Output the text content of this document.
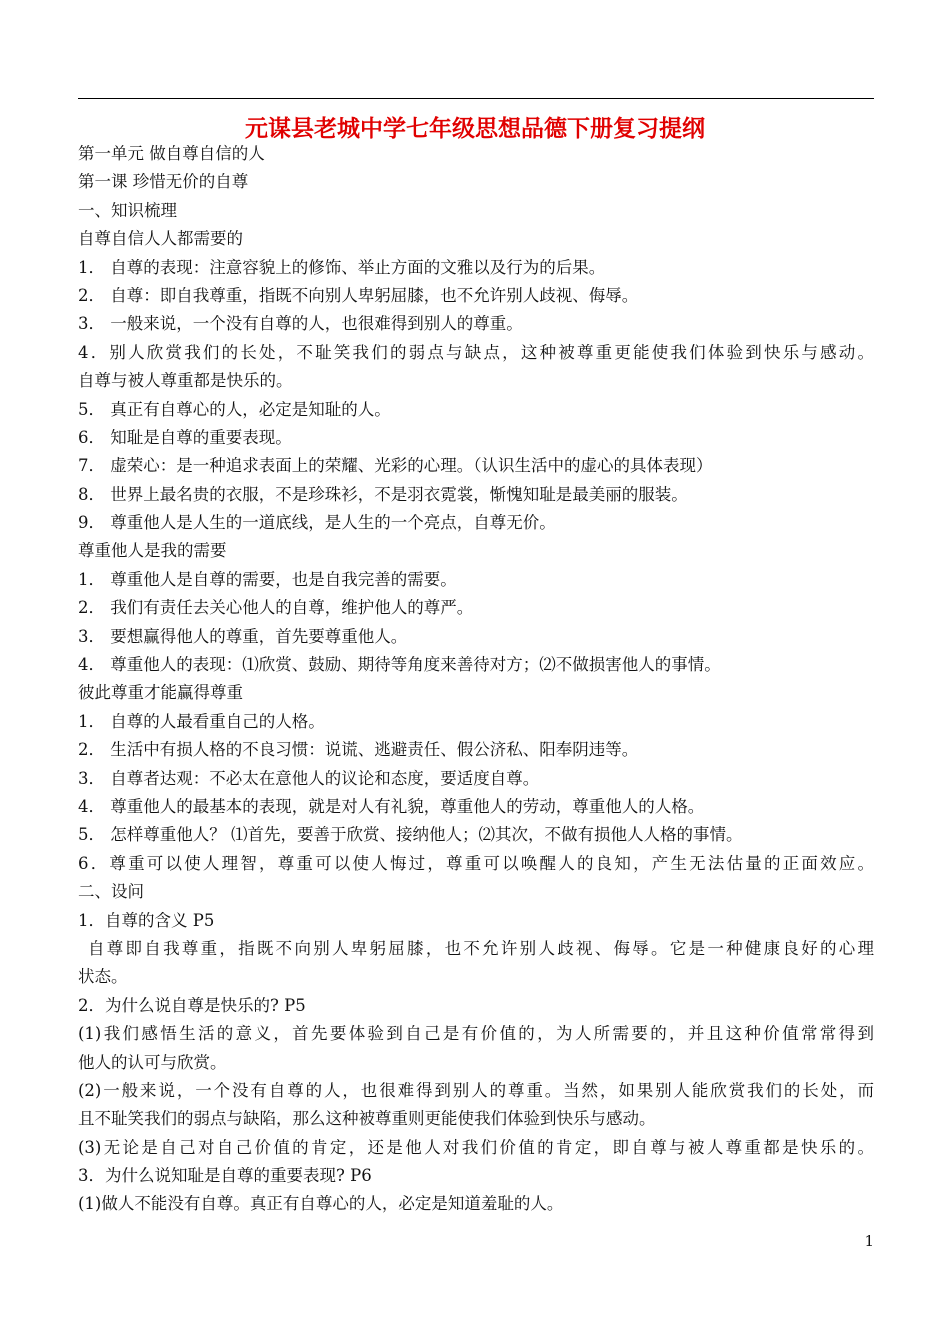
元谋县老城中学七年级思想品德下册复习提纲
第一单元 做自尊自信的人
第一课 珍惜无价的自尊
一、知识梳理
自尊自信人人都需要的
1． 自尊的表现：注意容貌上的修饰、举止方面的文雅以及行为的后果。
2． 自尊：即自我尊重，指既不向别人卑躬屈膝，也不允许别人歧视、侮辱。
3． 一般来说，一个没有自尊的人，也很难得到别人的尊重。
4．别人欣赏我们的长处，不耻笑我们的弱点与缺点，这种被尊重更能使我们体验到快乐与感动。
自尊与被人尊重都是快乐的。
5． 真正有自尊心的人，必定是知耻的人。
6． 知耻是自尊的重要表现。
7． 虚荣心：是一种追求表面上的荣耀、光彩的心理。（认识生活中的虚心的具体表现）
8． 世界上最名贵的衣服，不是珍珠衫，不是羽衣霓裳，惭愧知耻是最美丽的服装。
9． 尊重他人是人生的一道底线，是人生的一个亮点，自尊无价。
尊重他人是我的需要
1． 尊重他人是自尊的需要，也是自我完善的需要。
2． 我们有责任去关心他人的自尊，维护他人的尊严。
3． 要想赢得他人的尊重，首先要尊重他人。
4． 尊重他人的表现：⑴欣赏、鼓励、期待等角度来善待对方；⑵不做损害他人的事情。
彼此尊重才能赢得尊重
1． 自尊的人最看重自己的人格。
2． 生活中有损人格的不良习惯：说谎、逃避责任、假公济私、阳奉阴违等。
3． 自尊者达观：不必太在意他人的议论和态度，要适度自尊。
4． 尊重他人的最基本的表现，就是对人有礼貌，尊重他人的劳动，尊重他人的人格。
5． 怎样尊重他人？ ⑴首先，要善于欣赏、接纳他人；⑵其次，不做有损他人人格的事情。
6．尊重可以使人理智，尊重可以使人悔过，尊重可以唤醒人的良知，产生无法估量的正面效应。
二、设问
1．自尊的含义 P5
自尊即自我尊重，指既不向别人卑躬屈膝，也不允许别人歧视、侮辱。它是一种健康良好的心理
状态。
2．为什么说自尊是快乐的? P5
(1)我们感悟生活的意义，首先要体验到自己是有价值的，为人所需要的，并且这种价值常常得到
他人的认可与欣赏。
(2)一般来说，一个没有自尊的人，也很难得到别人的尊重。当然，如果别人能欣赏我们的长处，而
且不耻笑我们的弱点与缺陷，那么这种被尊重则更能使我们体验到快乐与感动。
(3)无论是自己对自己价值的肯定，还是他人对我们价值的肯定，即自尊与被人尊重都是快乐的。
3．为什么说知耻是自尊的重要表现? P6
(1)做人不能没有自尊。真正有自尊心的人，必定是知道羞耻的人。
1
